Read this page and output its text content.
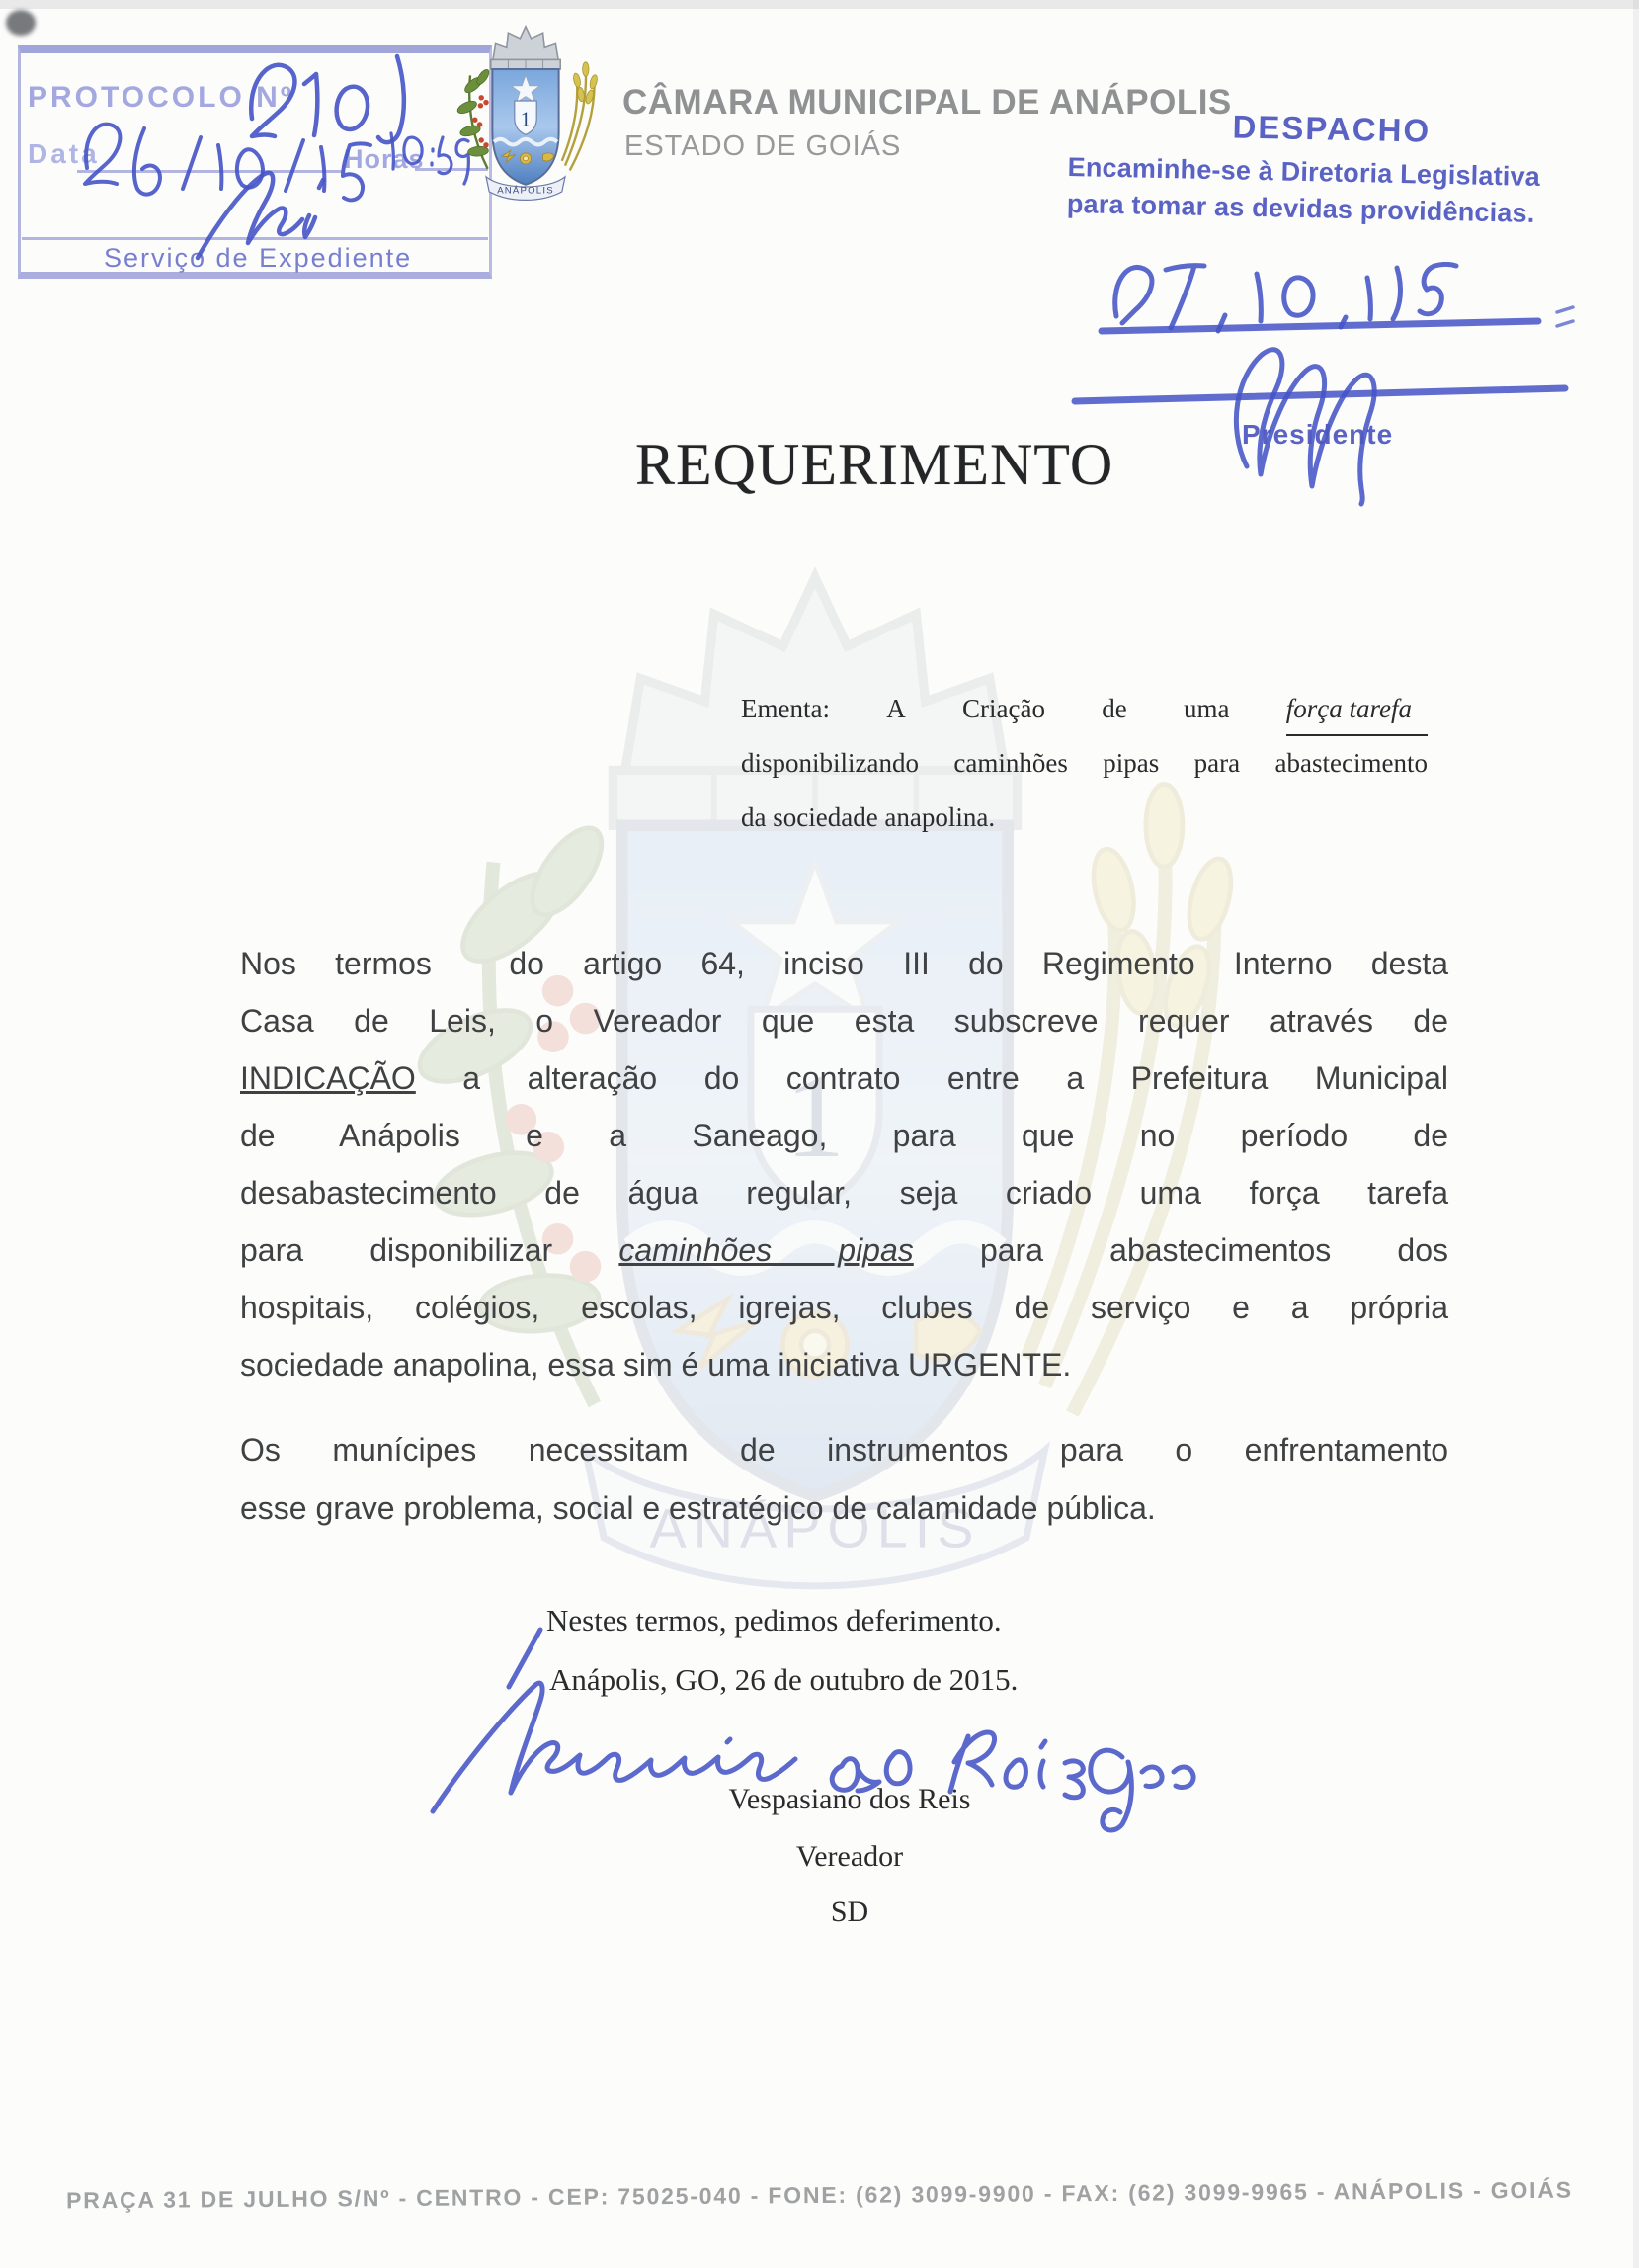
PROTOCOLO Nº
Data	Horas
Serviço de Expediente
CÂMARA MUNICIPAL DE ANÁPOLIS
ESTADO DE GOIÁS	DESPACHO
Encaminhe-se à Diretoria Legislativa
para tomar as devidas providências.
Presidente
REQUERIMENTO
Ementa: A Criação de uma força tarefa
disponibilizando caminhões pipas para abastecimento
da sociedade anapolina.
Nos termos  do artigo 64, inciso III do Regimento Interno desta
Casa de Leis, o Vereador que esta subscreve requer através de
INDICAÇÃO a alteração do contrato entre a Prefeitura Municipal
de Anápolis e a Saneago, para que no período de
desabastecimento de água regular, seja criado uma força tarefa
para disponibilizar caminhões pipas para abastecimentos dos
hospitais, colégios, escolas, igrejas, clubes de serviço e a própria
sociedade anapolina, essa sim é uma iniciativa URGENTE.
Os munícipes necessitam de instrumentos para o enfrentamento
esse grave problema, social e estratégico de calamidade pública.
Nestes termos, pedimos deferimento.
Anápolis, GO, 26 de outubro de 2015.
Vespasiano dos Reis
Vereador
SD
PRAÇA 31 DE JULHO S/Nº - CENTRO - CEP: 75025-040 - FONE: (62) 3099-9900 - FAX: (62) 3099-9965 - ANÁPOLIS - GOIÁS
